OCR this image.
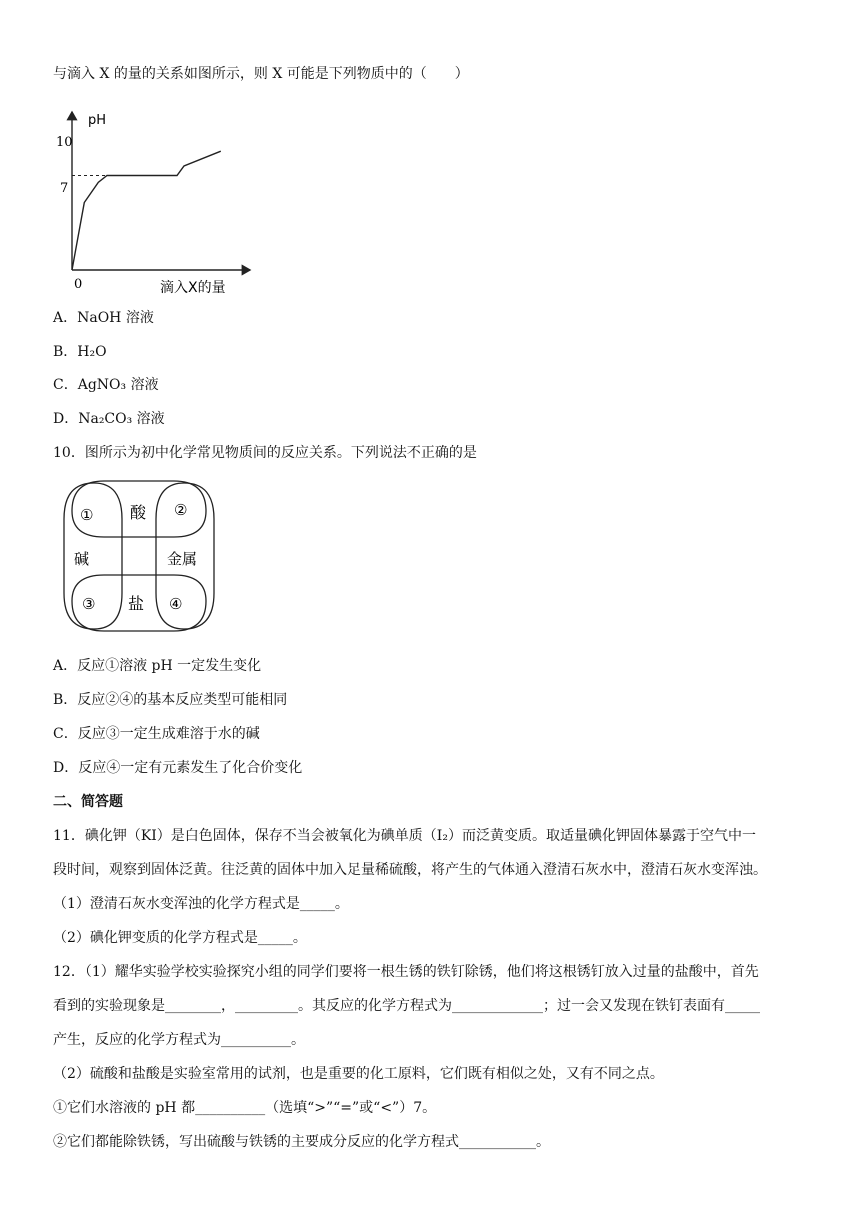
与滴入 X 的量的关系如图所示，则 X 可能是下列物质中的（　　）
pH
10
7
0	滴入X的量
A．NaOH 溶液
B．H₂O
C．AgNO₃ 溶液
D．Na₂CO₃ 溶液
10．图所示为初中化学常见物质间的反应关系。下列说法不正确的是
酸
碱	金属
盐
①	②
③	④
A．反应①溶液 pH 一定发生变化
B．反应②④的基本反应类型可能相同
C．反应③一定生成难溶于水的碱
D．反应④一定有元素发生了化合价变化
二、简答题
11．碘化钾（KI）是白色固体，保存不当会被氧化为碘单质（I₂）而泛黄变质。取适量碘化钾固体暴露于空气中一
段时间，观察到固体泛黄。往泛黄的固体中加入足量稀硫酸，将产生的气体通入澄清石灰水中，澄清石灰水变浑浊。
（1）澄清石灰水变浑浊的化学方程式是_____。
（2）碘化钾变质的化学方程式是_____。
12．（1）耀华实验学校实验探究小组的同学们要将一根生锈的铁钉除锈，他们将这根锈钉放入过量的盐酸中，首先
看到的实验现象是________，_________。其反应的化学方程式为_____________；过一会又发现在铁钉表面有_____
产生，反应的化学方程式为__________。
（2）硫酸和盐酸是实验室常用的试剂，也是重要的化工原料，它们既有相似之处，又有不同之点。
①它们水溶液的 pH 都__________（选填“>”“=”或“<”）7。
②它们都能除铁锈，写出硫酸与铁锈的主要成分反应的化学方程式___________。
